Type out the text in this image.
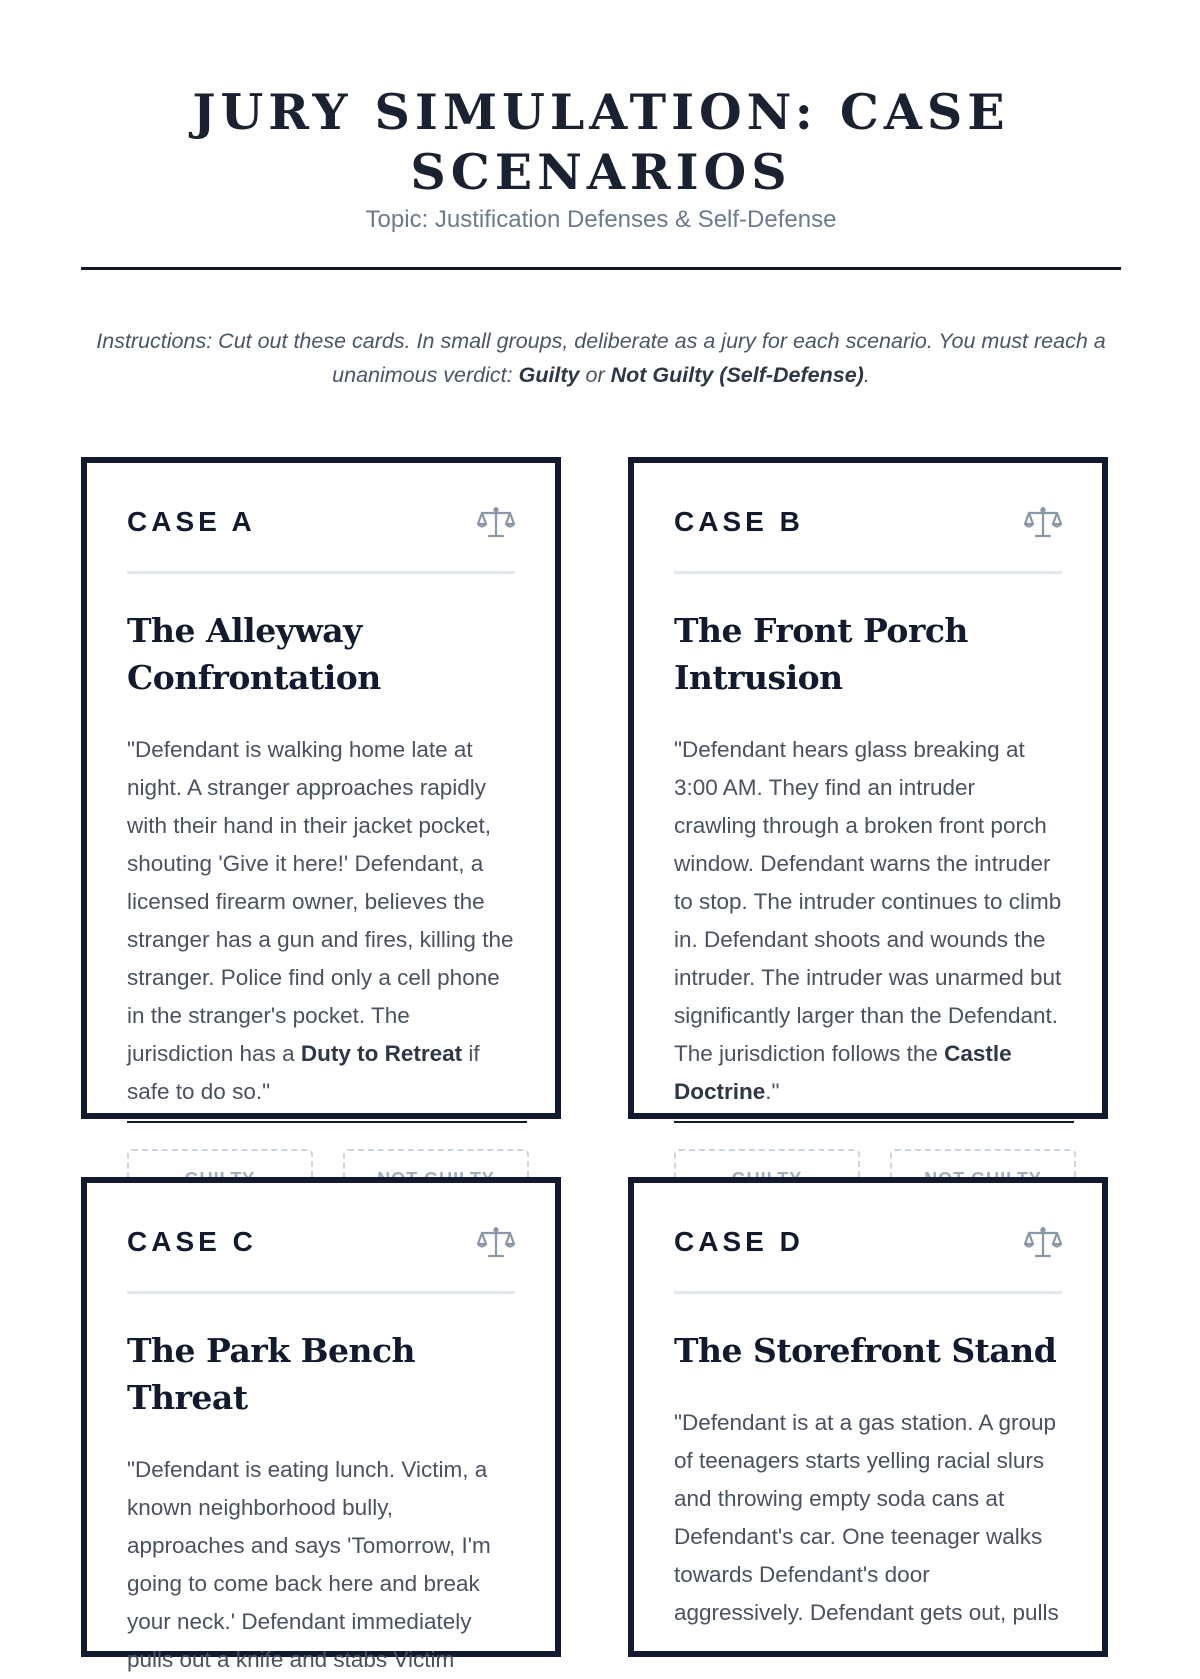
JURY SIMULATION: CASE SCENARIOS
Topic: Justification Defenses & Self-Defense
Instructions: Cut out these cards. In small groups, deliberate as a jury for each scenario. You must reach a unanimous verdict: Guilty or Not Guilty (Self-Defense).
CASE A
The Alleyway Confrontation
"Defendant is walking home late at night. A stranger approaches rapidly with their hand in their jacket pocket, shouting 'Give it here!' Defendant, a licensed firearm owner, believes the stranger has a gun and fires, killing the stranger. Police find only a cell phone in the stranger's pocket. The jurisdiction has a Duty to Retreat if safe to do so."
CASE B
The Front Porch Intrusion
"Defendant hears glass breaking at 3:00 AM. They find an intruder crawling through a broken front porch window. Defendant warns the intruder to stop. The intruder continues to climb in. Defendant shoots and wounds the intruder. The intruder was unarmed but significantly larger than the Defendant. The jurisdiction follows the Castle Doctrine."
CASE C
The Park Bench Threat
"Defendant is eating lunch. Victim, a known neighborhood bully, approaches and says 'Tomorrow, I'm going to come back here and break your neck.' Defendant immediately pulls out a knife and stabs Victim
CASE D
The Storefront Stand
"Defendant is at a gas station. A group of teenagers starts yelling racial slurs and throwing empty soda cans at Defendant's car. One teenager walks towards Defendant's door aggressively. Defendant gets out, pulls
